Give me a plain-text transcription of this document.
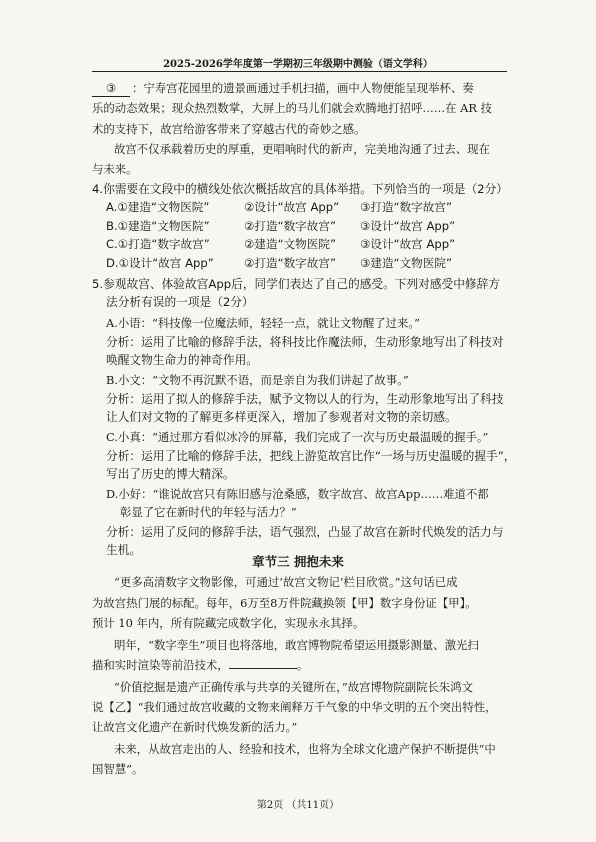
2025-2026学年度第一学期初三年级期中测验（语文学科）
③ ：宁寿宫花园里的遗景画通过手机扫描，画中人物便能呈现举杯、奏
乐的动态效果；现众热烈数掌，大屏上的马儿们就会欢腾地打招呼……在 AR 技
术的支持下，故宫给游客带来了穿越古代的奇妙之感。
故宫不仅承载着历史的厚重，更唱响时代的新声，完美地沟通了过去、现在
与未来。
4.你需要在文段中的横线处依次概括故宫的具体举措。下列恰当的一项是（2分）
A.①建造“文物医院”	②设计“故宫 App” ③打造“数字故宫”
B.①建造“文物医院”	②打造“数字故宫” ③设计“故宫 App”
C.①打造“数字故宫”	②建造“文物医院” ③设计“故宫 App”
D.①设计“故宫 App”	②打造“数字故宫” ③建造“文物医院”
5.参观故宫、体验故宫App后，同学们表达了自己的感受。下列对感受中修辞方
法分析有误的一项是（2分）
A.小语：“科技像一位魔法师，轻轻一点，就让文物醒了过来。”
分析：运用了比喻的修辞手法，将科技比作魔法师，生动形象地写出了科技对
唤醒文物生命力的神奇作用。
B.小文：“文物不再沉默不语，而是亲自为我们讲起了故事。”
分析：运用了拟人的修辞手法，赋予文物以人的行为，生动形象地写出了科技
让人们对文物的了解更多样更深入，增加了参观者对文物的亲切感。
C.小真：“通过那方看似冰冷的屏幕，我们完成了一次与历史最温暖的握手。”
分析：运用了比喻的修辞手法，把线上游览故宫比作“一场与历史温暖的握手”，
写出了历史的博大精深。
D.小好：“谁说故宫只有陈旧感与沧桑感，数字故宫、故宫App……难道不都
彰显了它在新时代的年轻与活力？”
分析：运用了反问的修辞手法，语气强烈，凸显了故宫在新时代焕发的活力与
生机。
章节三 拥抱未来
“更多高清数字文物影像，可通过‘故宫文物记’栏目欣赏。”这句话已成
为故宫热门展的标配。每年，6万至8万件院藏换领【甲】数字身份证【甲】。
预计 10 年内，所有院藏完成数字化，实现永永其择。
明年，“数字孪生”项目也将落地，敢宫博物院希望运用摄影测量、激光扫
描和实时渲染等前沿技术，	。
“价值挖掘是遗产正确传承与共享的关键所在，”故宫博物院副院长朱鸿文
说【乙】“我们通过故宫收藏的文物来阐释万千气象的中华文明的五个突出特性，
让故宫文化遗产在新时代焕发新的活力。”
未来，从故宫走出的人、经验和技术，也将为全球文化遗产保护不断提供“中
国智慧”。
第2页 （共11页）
